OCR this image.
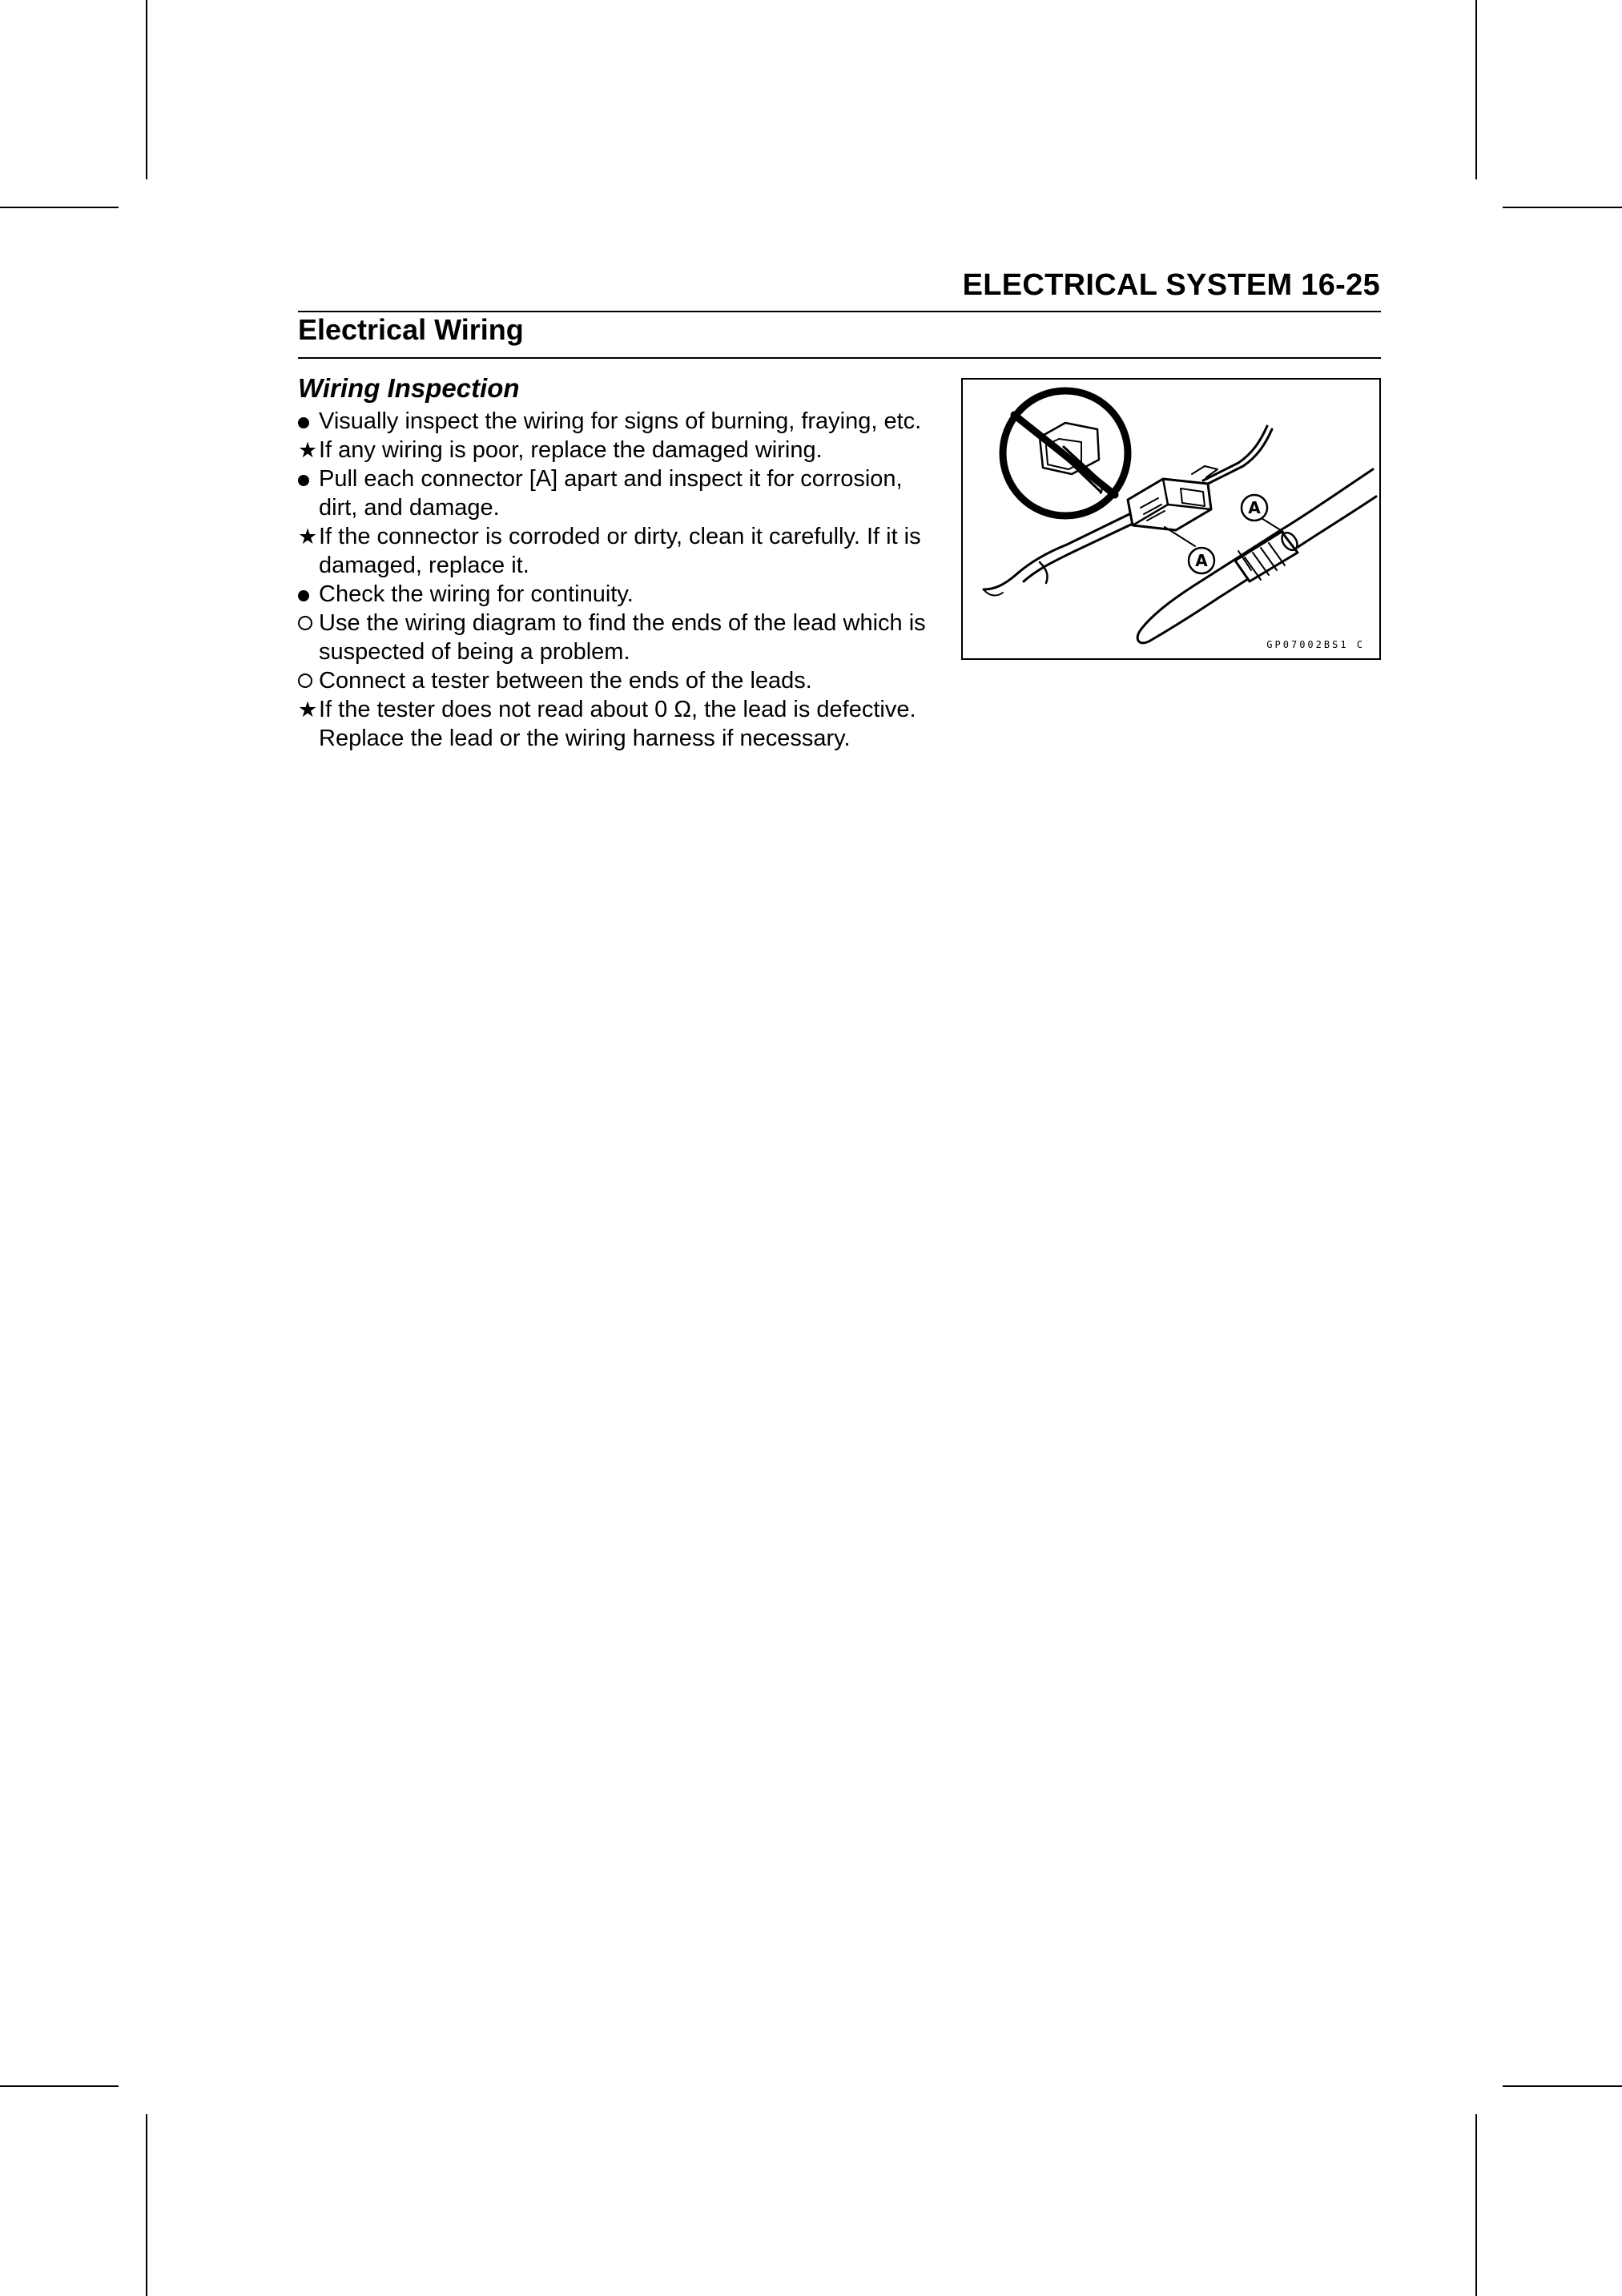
ELECTRICAL SYSTEM 16-25
Electrical Wiring
Wiring Inspection
Visually inspect the wiring for signs of burning, fraying, etc.
★ If any wiring is poor, replace the damaged wiring.
Pull each connector [A] apart and inspect it for corrosion, dirt, and damage.
★ If the connector is corroded or dirty, clean it carefully. If it is damaged, replace it.
Check the wiring for continuity.
Use the wiring diagram to find the ends of the lead which is suspected of being a problem.
Connect a tester between the ends of the leads.
★ If the tester does not read about 0 Ω, the lead is defective. Replace the lead or the wiring harness if necessary.
A
A
GP07002BS1 C
